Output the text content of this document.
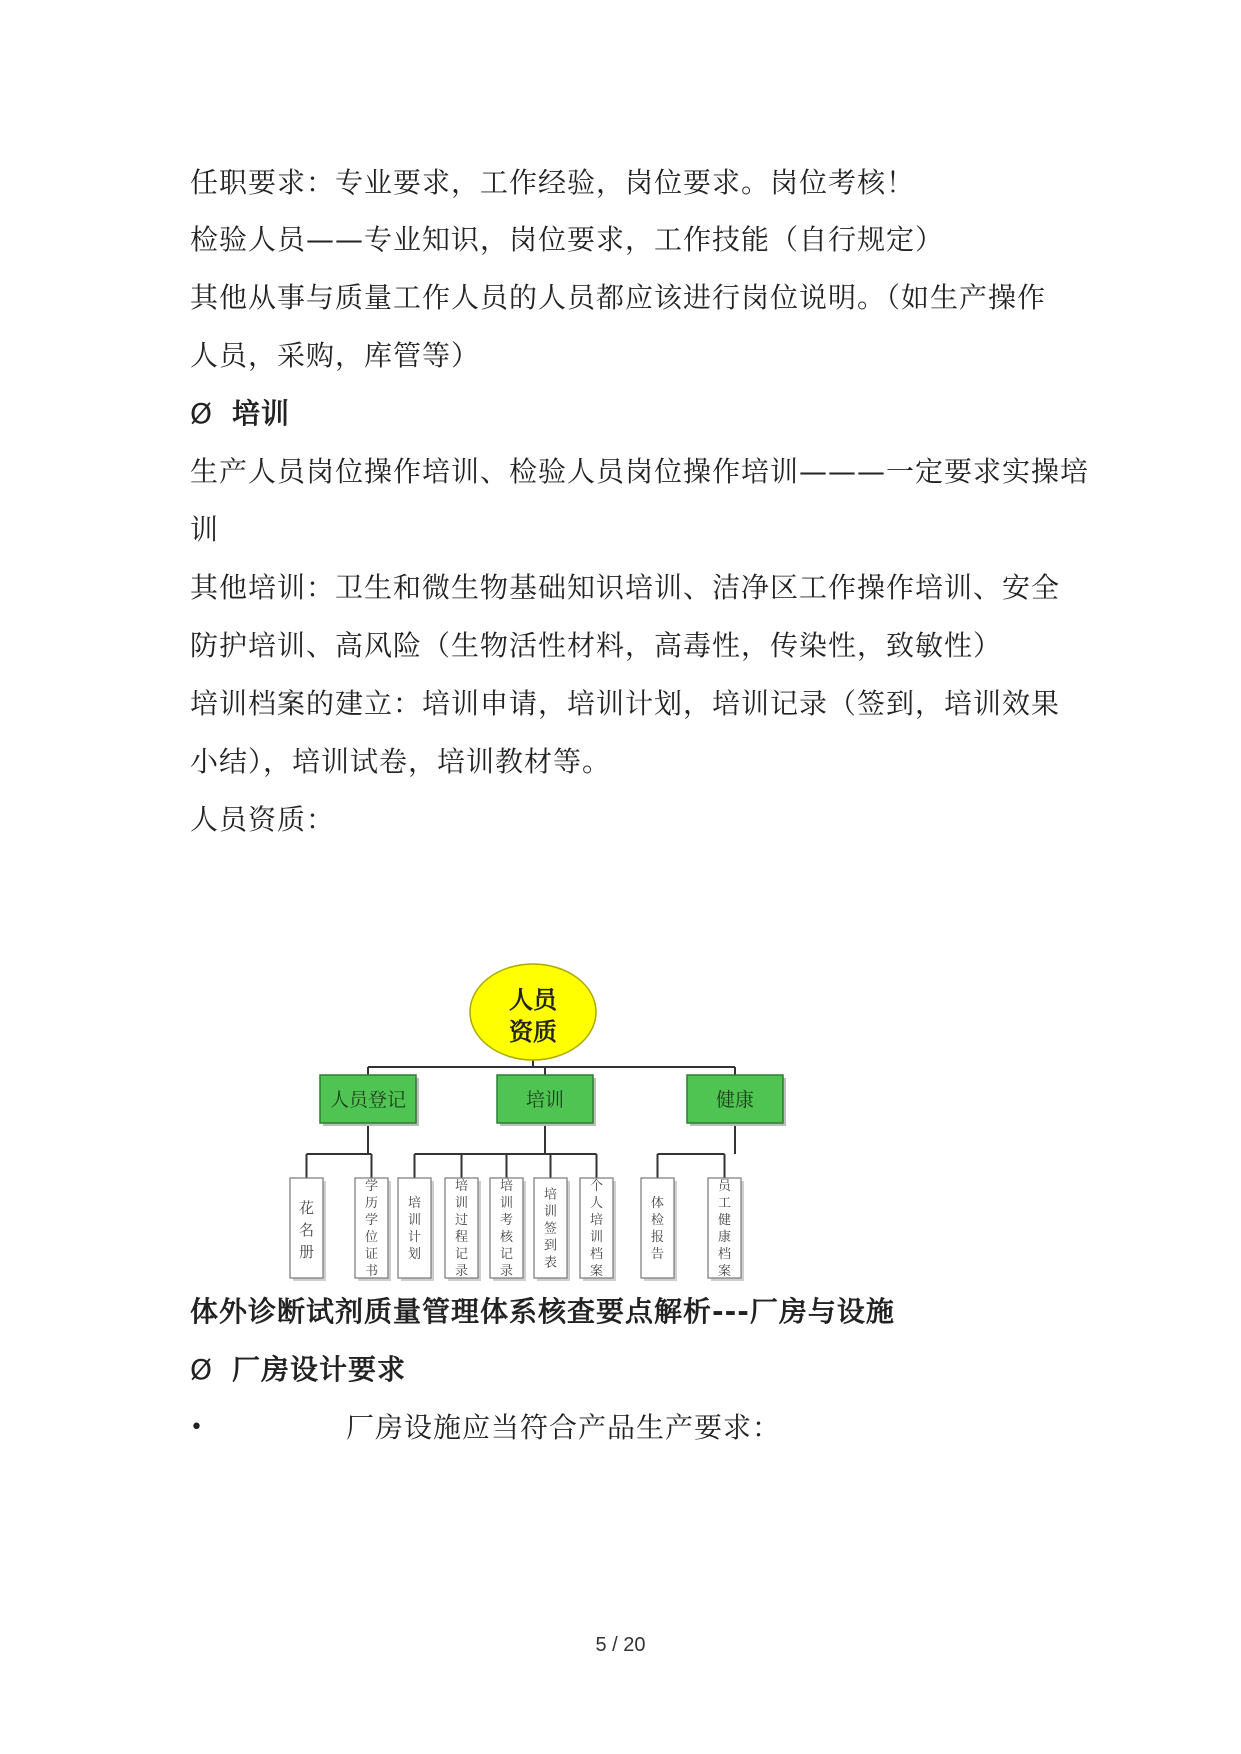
任职要求：专业要求，工作经验，岗位要求。岗位考核！
检验人员——专业知识，岗位要求，工作技能（自行规定）
其他从事与质量工作人员的人员都应该进行岗位说明。（如生产操作
人员，采购，库管等）
Ø 培训
生产人员岗位操作培训、检验人员岗位操作培训———一定要求实操培
训
其他培训：卫生和微生物基础知识培训、洁净区工作操作培训、安全
防护培训、高风险（生物活性材料，高毒性，传染性，致敏性）
培训档案的建立：培训申请，培训计划，培训记录（签到，培训效果
小结），培训试卷，培训教材等。
人员资质：
人员
资质
人员登记
花名册
学历学位证书
培训
培训计划
培训过程记录
培训考核记录
培训签到表
个人培训档案
健康
体检报告
员工健康档案
体外诊断试剂质量管理体系核查要点解析---厂房与设施
Ø 厂房设计要求
•	厂房设施应当符合产品生产要求：
5 / 20
